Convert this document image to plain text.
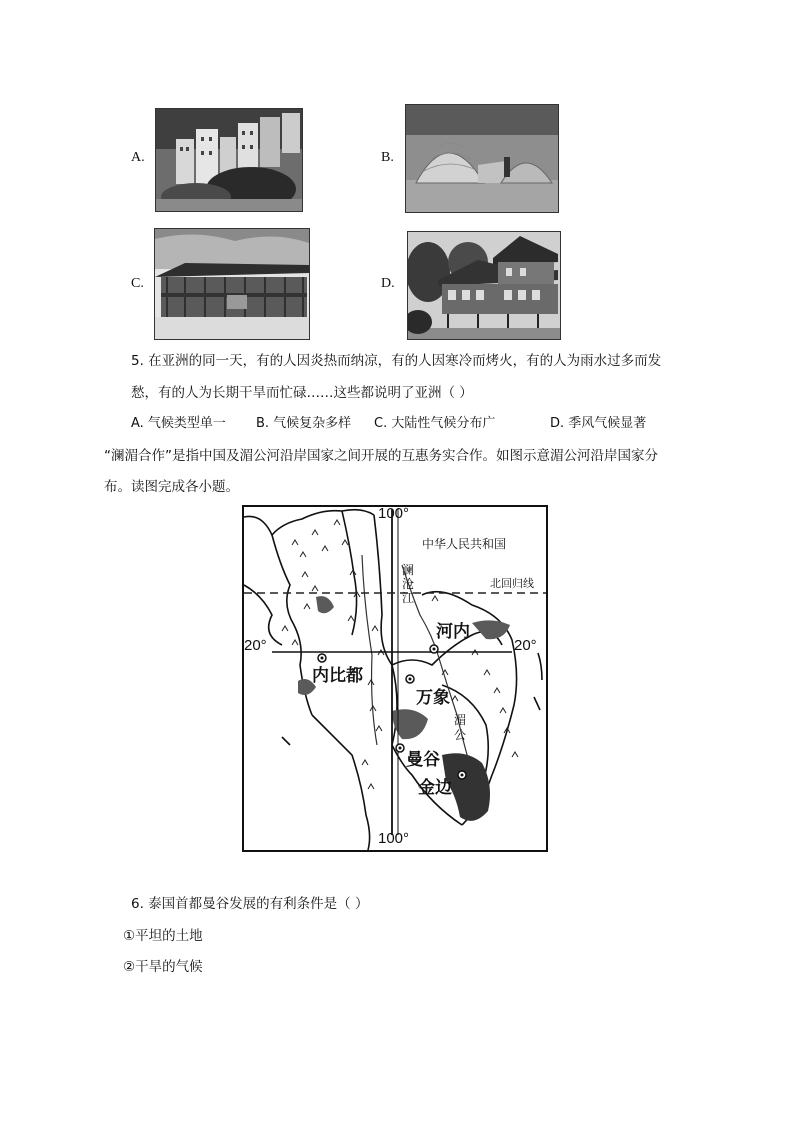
A.	B.
C.	D.
5. 在亚洲的同一天，有的人因炎热而纳凉，有的人因寒冷而烤火，有的人为雨水过多而发
愁，有的人为长期干旱而忙碌……这些都说明了亚洲（ ）
A. 气候类型单一 B. 气候复杂多样 C. 大陆性气候分布广	D. 季风气候显著
“澜湄合作”是指中国及湄公河沿岸国家之间开展的互惠务实合作。如图示意湄公河沿岸国家分
布。读图完成各小题。
100°
中华人民共和国
北回归线
澜
沧
江
河内
20°	20°
内比都
万象
湄
公
曼谷
金边
100°
6. 泰国首都曼谷发展的有利条件是（ ）
①平坦的土地
②干旱的气候
